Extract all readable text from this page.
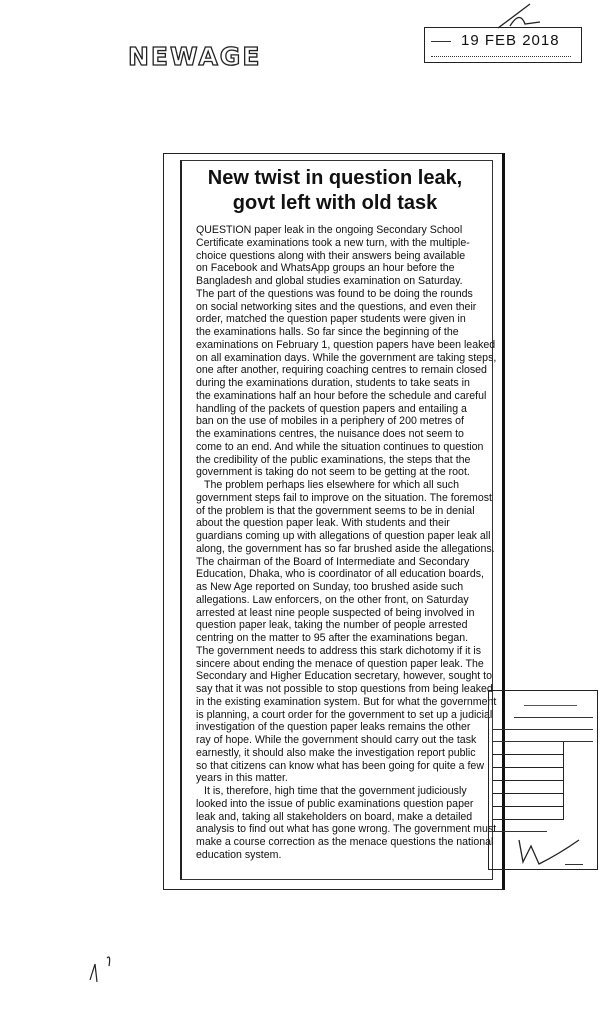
NEWAGE
19 FEB 2018
New twist in question leak,
govt left with old task
QUESTION paper leak in the ongoing Secondary School
Certificate examinations took a new turn, with the multiple-
choice questions along with their answers being available
on Facebook and WhatsApp groups an hour before the
Bangladesh and global studies examination on Saturday.
The part of the questions was found to be doing the rounds
on social networking sites and the questions, and even their
order, matched the question paper students were given in
the examinations halls. So far since the beginning of the
examinations on February 1, question papers have been leaked
on all examination days. While the government are taking steps,
one after another, requiring coaching centres to remain closed
during the examinations duration, students to take seats in
the examinations half an hour before the schedule and careful
handling of the packets of question papers and entailing a
ban on the use of mobiles in a periphery of 200 metres of
the examinations centres, the nuisance does not seem to
come to an end. And while the situation continues to question
the credibility of the public examinations, the steps that the
government is taking do not seem to be getting at the root.
The problem perhaps lies elsewhere for which all such
government steps fail to improve on the situation. The foremost
of the problem is that the government seems to be in denial
about the question paper leak. With students and their
guardians coming up with allegations of question paper leak all
along, the government has so far brushed aside the allegations.
The chairman of the Board of Intermediate and Secondary
Education, Dhaka, who is coordinator of all education boards,
as New Age reported on Sunday, too brushed aside such
allegations. Law enforcers, on the other front, on Saturday
arrested at least nine people suspected of being involved in
question paper leak, taking the number of people arrested
centring on the matter to 95 after the examinations began.
The government needs to address this stark dichotomy if it is
sincere about ending the menace of question paper leak. The
Secondary and Higher Education secretary, however, sought to
say that it was not possible to stop questions from being leaked
in the existing examination system. But for what the government
is planning, a court order for the government to set up a judicial
investigation of the question paper leaks remains the other
ray of hope. While the government should carry out the task
earnestly, it should also make the investigation report public
so that citizens can know what has been going for quite a few
years in this matter.
It is, therefore, high time that the government judiciously
looked into the issue of public examinations question paper
leak and, taking all stakeholders on board, make a detailed
analysis to find out what has gone wrong. The government must
make a course correction as the menace questions the national
education system.
